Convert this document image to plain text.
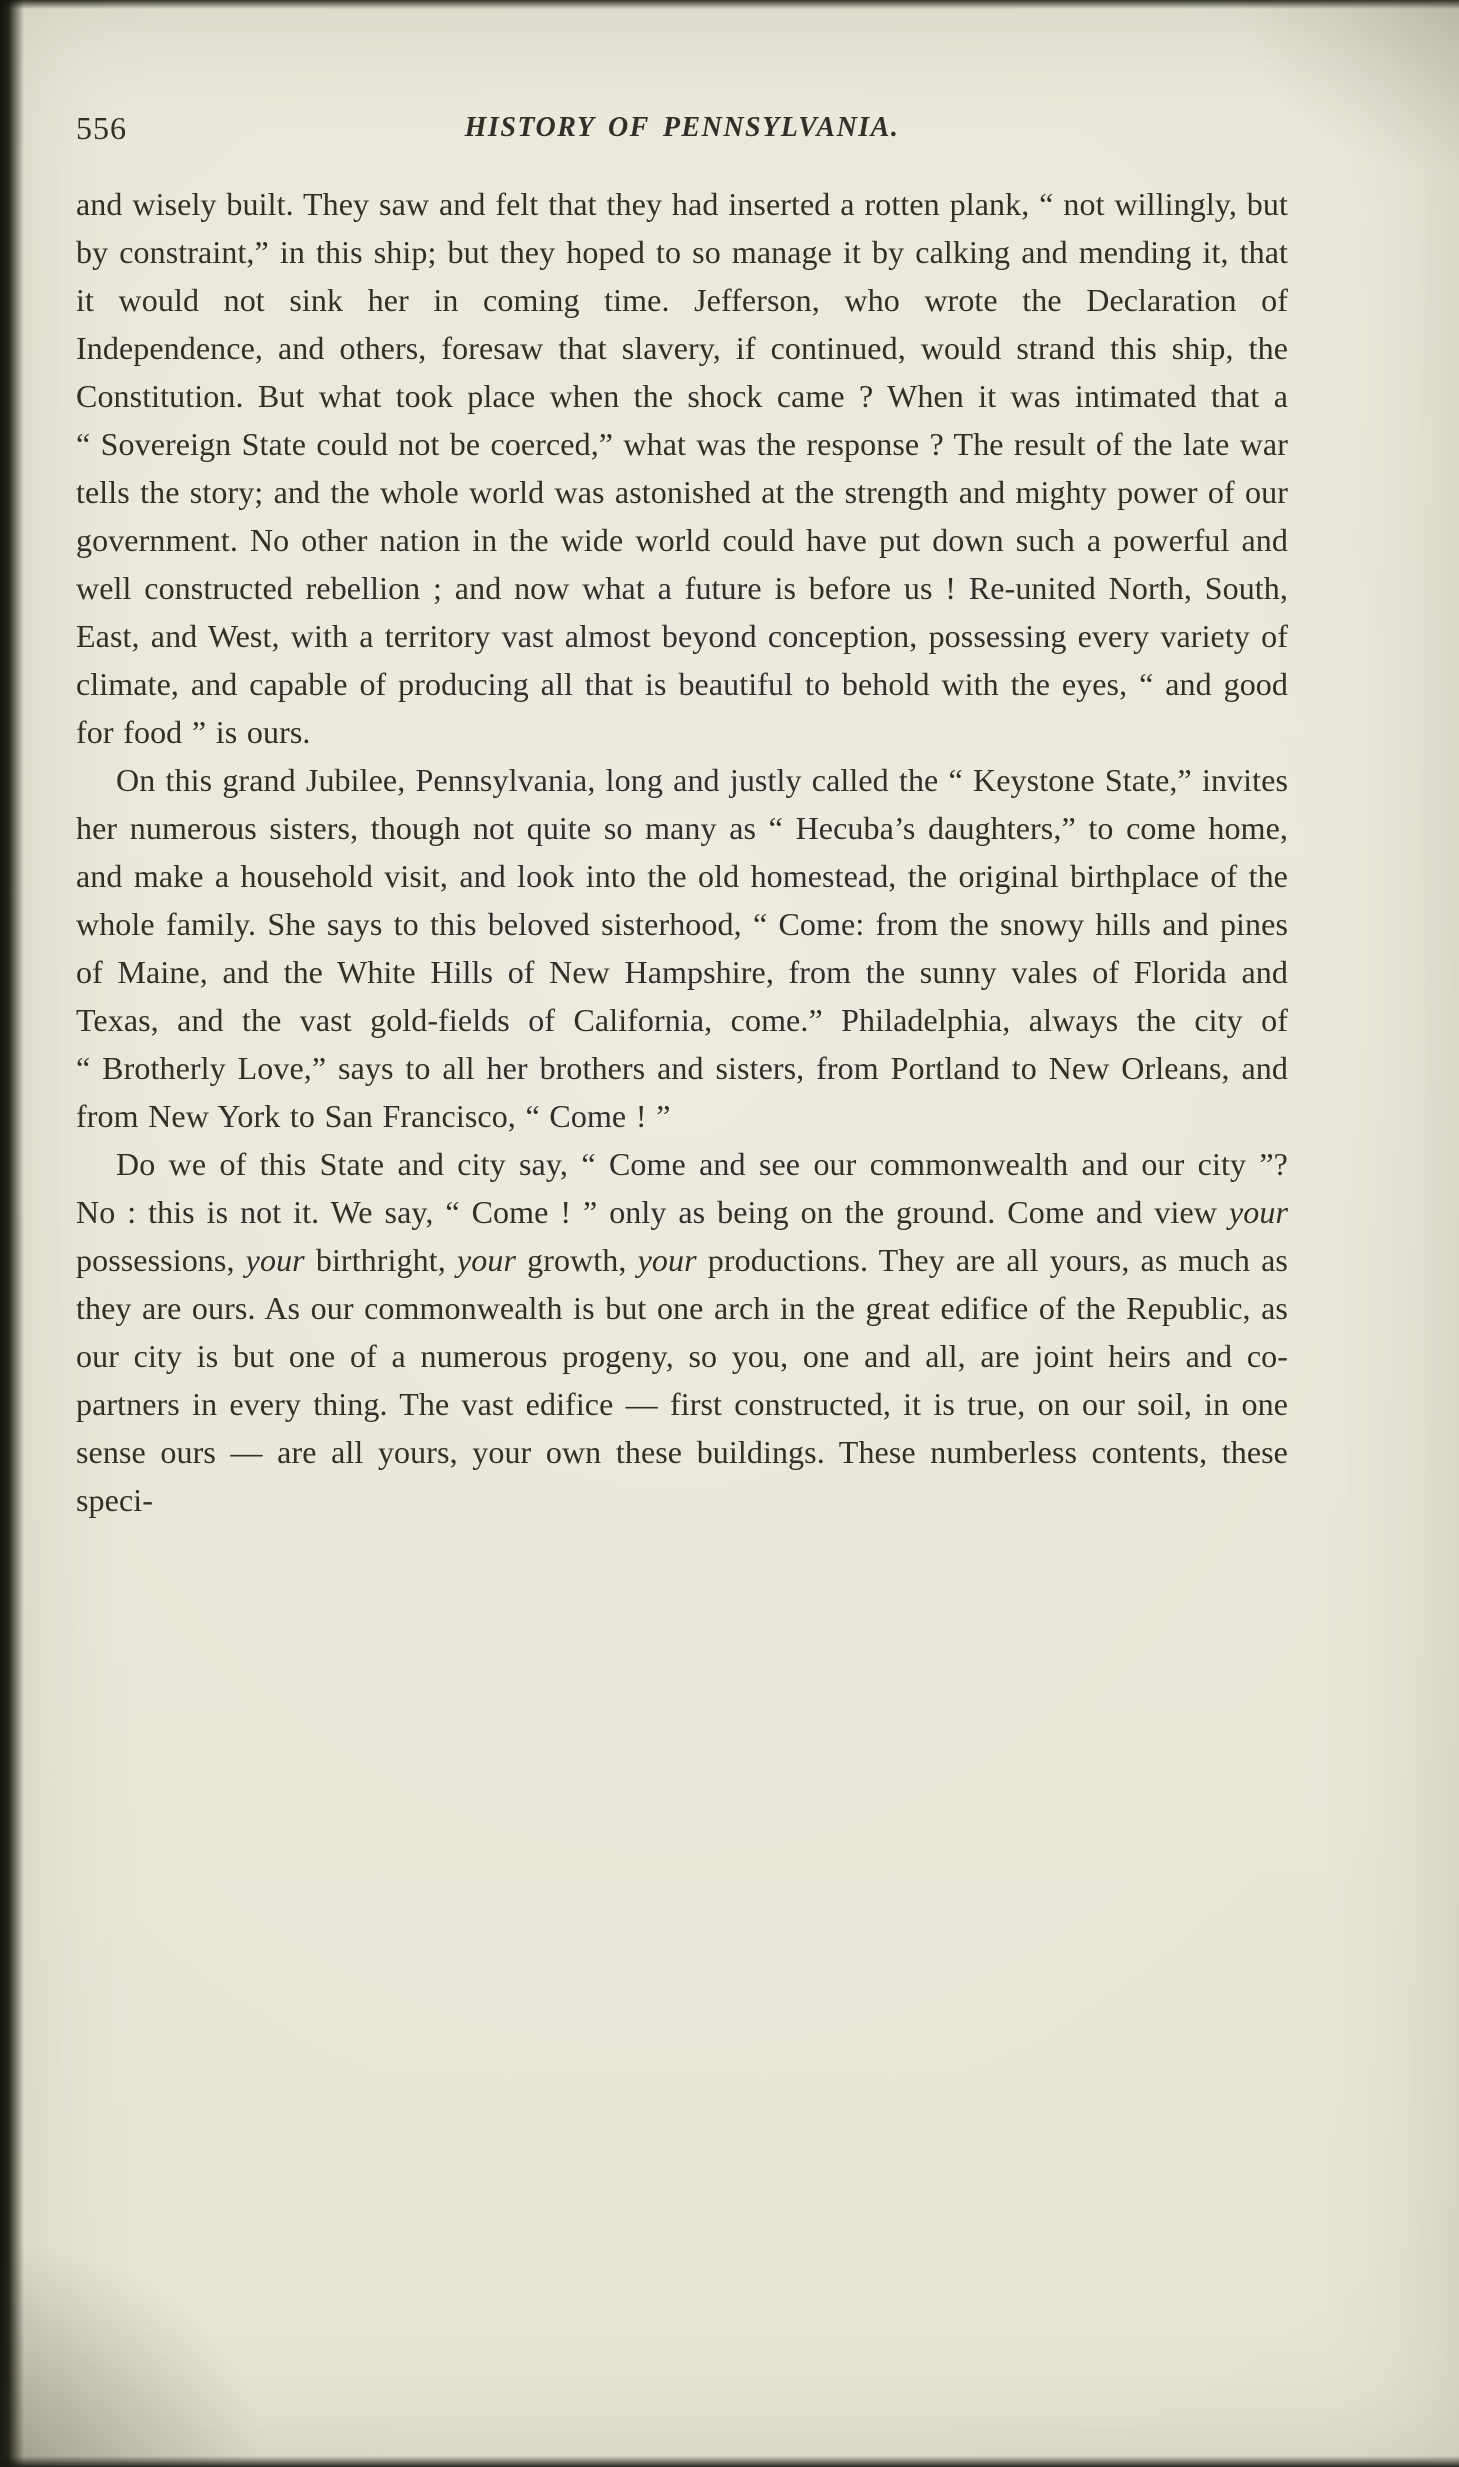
556	HISTORY OF PENNSYLVANIA.

and wisely built. They saw and felt that they had inserted a rotten plank, “ not willingly, but by constraint,” in this ship; but they hoped to so manage it by calking and mending it, that it would not sink her in coming time. Jefferson, who wrote the Declaration of Independence, and others, foresaw that slavery, if continued, would strand this ship, the Constitution. But what took place when the shock came ? When it was intimated that a “ Sovereign State could not be coerced,” what was the response ? The result of the late war tells the story; and the whole world was astonished at the strength and mighty power of our government. No other nation in the wide world could have put down such a powerful and well constructed rebellion ; and now what a future is before us ! Re-united North, South, East, and West, with a territory vast almost beyond conception, possessing every variety of climate, and capable of producing all that is beautiful to behold with the eyes, “ and good for food ” is ours.

On this grand Jubilee, Pennsylvania, long and justly called the “ Keystone State,” invites her numerous sisters, though not quite so many as “ Hecuba’s daughters,” to come home, and make a household visit, and look into the old homestead, the original birthplace of the whole family. She says to this beloved sisterhood, “ Come: from the snowy hills and pines of Maine, and the White Hills of New Hampshire, from the sunny vales of Florida and Texas, and the vast gold-fields of California, come.” Philadelphia, always the city of “ Brotherly Love,” says to all her brothers and sisters, from Portland to New Orleans, and from New York to San Francisco, “ Come ! ”

Do we of this State and city say, “ Come and see our commonwealth and our city ”? No : this is not it. We say, “ Come ! ” only as being on the ground. Come and view your possessions, your birthright, your growth, your productions. They are all yours, as much as they are ours. As our commonwealth is but one arch in the great edifice of the Republic, as our city is but one of a numerous progeny, so you, one and all, are joint heirs and co-partners in every thing. The vast edifice — first constructed, it is true, on our soil, in one sense ours — are all yours, your own these buildings. These numberless contents, these speci-
